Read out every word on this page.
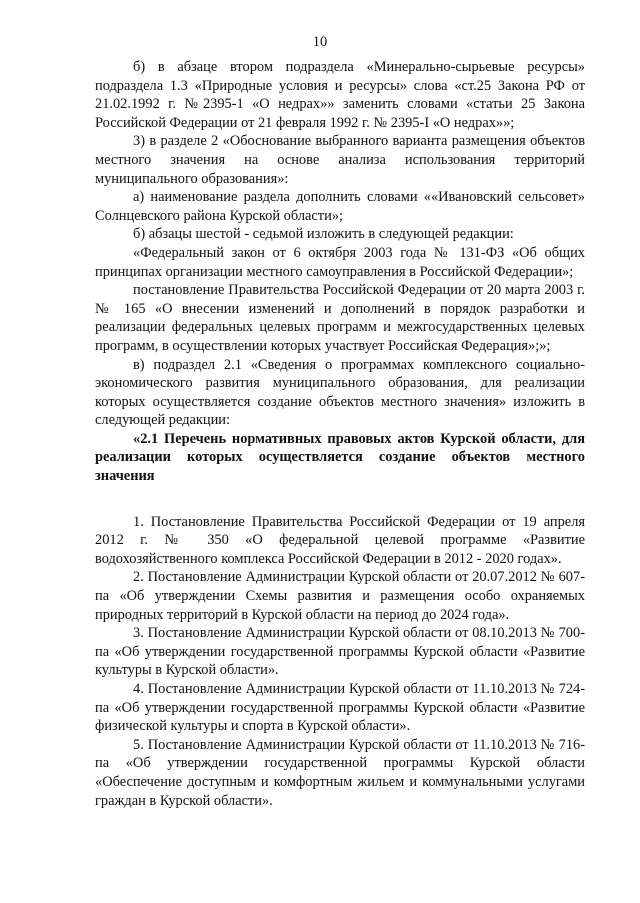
10

б) в абзаце втором подраздела «Минерально-сырьевые ресурсы» подраздела 1.3 «Природные условия и ресурсы» слова «ст.25 Закона РФ от 21.02.1992 г. №2395-1 «О недрах»» заменить словами «статьи 25 Закона Российской Федерации от 21 февраля 1992 г. № 2395-I «О недрах»»;

3) в разделе 2 «Обоснование выбранного варианта размещения объектов местного значения на основе анализа использования территорий муниципального образования»:

а) наименование раздела дополнить словами ««Ивановский сельсовет» Солнцевского района Курской области»;

б) абзацы шестой - седьмой изложить в следующей редакции:

«Федеральный закон от 6 октября 2003 года № 131-ФЗ «Об общих принципах организации местного самоуправления в Российской Федерации»;

постановление Правительства Российской Федерации от 20 марта 2003 г. № 165 «О внесении изменений и дополнений в порядок разработки и реализации федеральных целевых программ и межгосударственных целевых программ, в осуществлении которых участвует Российская Федерация»;»;

в) подраздел 2.1 «Сведения о программах комплексного социально-экономического развития муниципального образования, для реализации которых осуществляется создание объектов местного значения» изложить в следующей редакции:

«2.1 Перечень нормативных правовых актов Курской области, для реализации которых осуществляется создание объектов местного значения

1. Постановление Правительства Российской Федерации от 19 апреля 2012 г. № 350 «О федеральной целевой программе «Развитие водохозяйственного комплекса Российской Федерации в 2012 - 2020 годах».

2. Постановление Администрации Курской области от 20.07.2012 № 607-па «Об утверждении Схемы развития и размещения особо охраняемых природных территорий в Курской области на период до 2024 года».

3. Постановление Администрации Курской области от 08.10.2013 № 700-па «Об утверждении государственной программы Курской области «Развитие культуры в Курской области».

4. Постановление Администрации Курской области от 11.10.2013 № 724-па «Об утверждении государственной программы Курской области «Развитие физической культуры и спорта в Курской области».

5. Постановление Администрации Курской области от 11.10.2013 № 716-па «Об утверждении государственной программы Курской области «Обеспечение доступным и комфортным жильем и коммунальными услугами граждан в Курской области».
